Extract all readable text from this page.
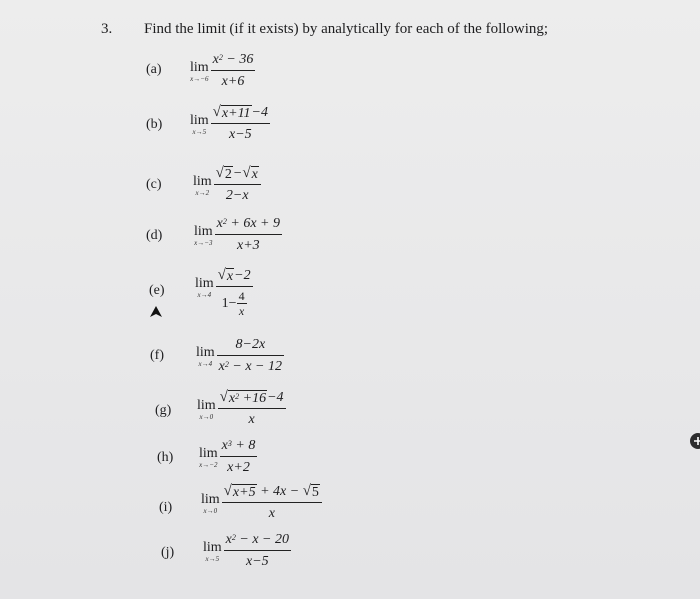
3. Find the limit (if it exists) by analytically for each of the following;
(a) lim
$x\to-6 \frac{x^2 - 36}{x+6}$
(b) lim
$x\to 5 \frac{√ x+11 -4}{x-5}$
(c) lim
$x\to 2 \frac{√ 2 - √ x}{2-x}$
(d) lim
$x\to-3 \frac{x^2 + 6x + 9}{x+3}$
(e) lim
x→4 √ x −2
1− 4
x
(f) lim
$x\to 4 \frac{8-2x}{x^2 - x - 12}$
(g) lim
$x\to 0 \frac{√ x^2 +16 -4}{x}$
(h) lim
$x\to-2 \frac{x^3 + 8}{x+2}$
(i)
lim
$x\to 0 \frac{√ x+5 + 4x - √ 5}{x}$
(j) lim
$x\to 5 \frac{x^2 - x - 20}{x-5}$
